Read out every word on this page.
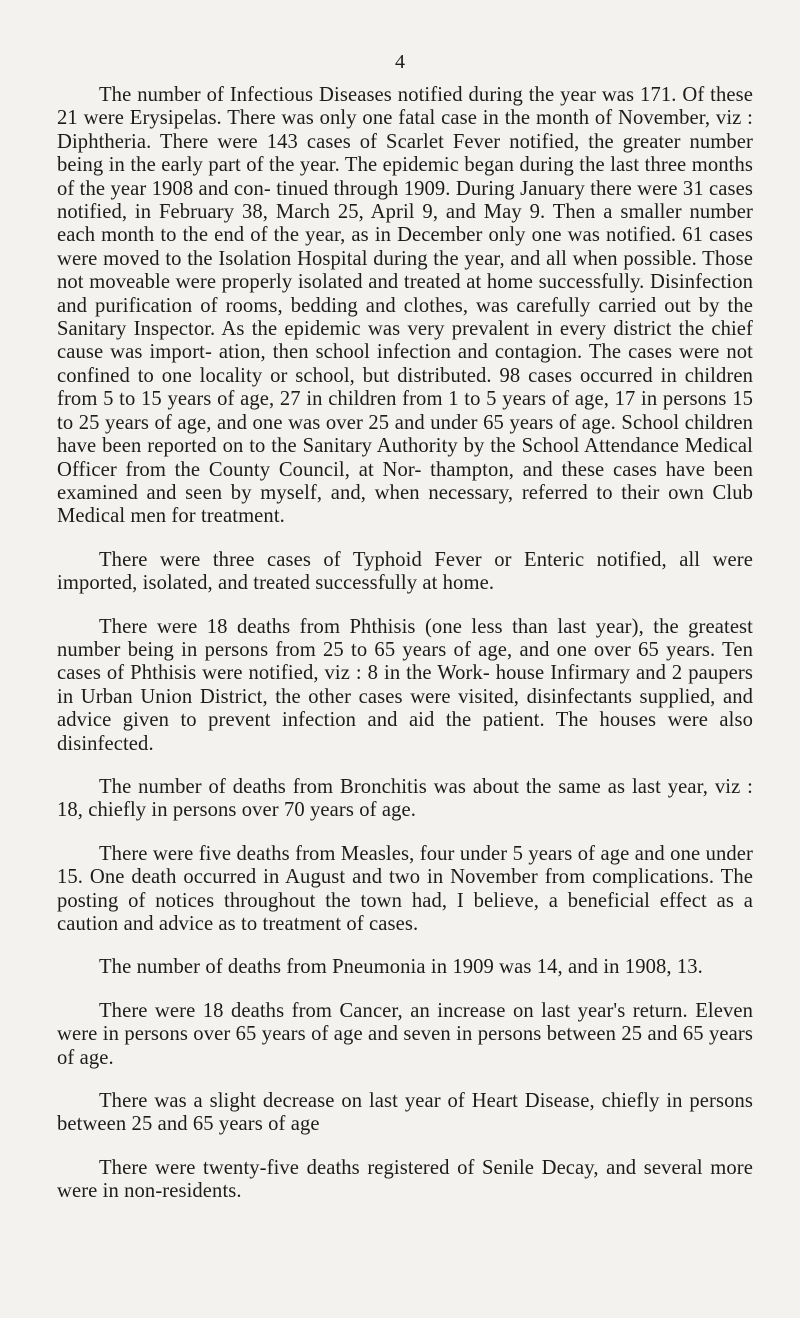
4

The number of Infectious Diseases notified during the year was 171. Of these 21 were Erysipelas. There was only one fatal case in the month of November, viz : Diphtheria. There were 143 cases of Scarlet Fever notified, the greater number being in the early part of the year. The epidemic began during the last three months of the year 1908 and con- tinued through 1909. During January there were 31 cases notified, in February 38, March 25, April 9, and May 9. Then a smaller number each month to the end of the year, as in December only one was notified. 61 cases were moved to the Isolation Hospital during the year, and all when possible. Those not moveable were properly isolated and treated at home successfully. Disinfection and purification of rooms, bedding and clothes, was carefully carried out by the Sanitary Inspector. As the epidemic was very prevalent in every district the chief cause was import- ation, then school infection and contagion. The cases were not confined to one locality or school, but distributed. 98 cases occurred in children from 5 to 15 years of age, 27 in children from 1 to 5 years of age, 17 in persons 15 to 25 years of age, and one was over 25 and under 65 years of age. School children have been reported on to the Sanitary Authority by the School Attendance Medical Officer from the County Council, at Nor- thampton, and these cases have been examined and seen by myself, and, when necessary, referred to their own Club Medical men for treatment.

There were three cases of Typhoid Fever or Enteric notified, all were imported, isolated, and treated successfully at home.

There were 18 deaths from Phthisis (one less than last year), the greatest number being in persons from 25 to 65 years of age, and one over 65 years. Ten cases of Phthisis were notified, viz : 8 in the Work- house Infirmary and 2 paupers in Urban Union District, the other cases were visited, disinfectants supplied, and advice given to prevent infection and aid the patient. The houses were also disinfected.

The number of deaths from Bronchitis was about the same as last year, viz : 18, chiefly in persons over 70 years of age.

There were five deaths from Measles, four under 5 years of age and one under 15. One death occurred in August and two in November from complications. The posting of notices throughout the town had, I believe, a beneficial effect as a caution and advice as to treatment of cases.

The number of deaths from Pneumonia in 1909 was 14, and in 1908, 13.

There were 18 deaths from Cancer, an increase on last year's return. Eleven were in persons over 65 years of age and seven in persons between 25 and 65 years of age.

There was a slight decrease on last year of Heart Disease, chiefly in persons between 25 and 65 years of age

There were twenty-five deaths registered of Senile Decay, and several more were in non-residents.
